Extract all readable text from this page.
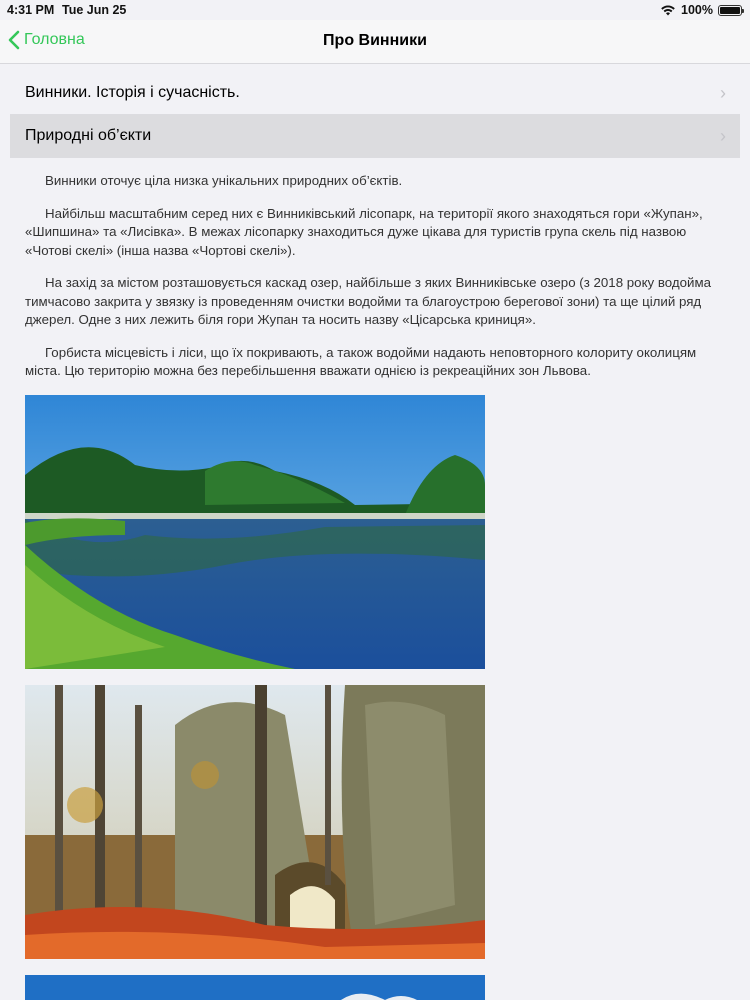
4:31 PM Tue Jun 25	100%
Головна	Про Винники
Винники. Історія і сучасність.	›
Природні об’єкти	›

Винники оточує ціла низка унікальних природних об’єктів.

Найбільш масштабним серед них є Винниківський лісопарк, на території якого знаходяться гори «Жупан», «Шипшина» та «Лисівка». В межах лісопарку знаходиться дуже цікава для туристів група скель під назвою «Чотові скелі» (інша назва «Чортові скелі»).

На захід за містом розташовується каскад озер, найбільше з яких Винниківське озеро (з 2018 року водойма тимчасово закрита у звязку із проведенням очистки водойми та благоустрою берегової зони) та ще цілий ряд джерел. Одне з них лежить біля гори Жупан та носить назву «Цісарська криниця».

Горбиста місцевість і ліси, що їх покривають, а також водойми надають неповторного колориту околицям міста. Цю територію можна без перебільшення вважати однією із рекреаційних зон Львова.
